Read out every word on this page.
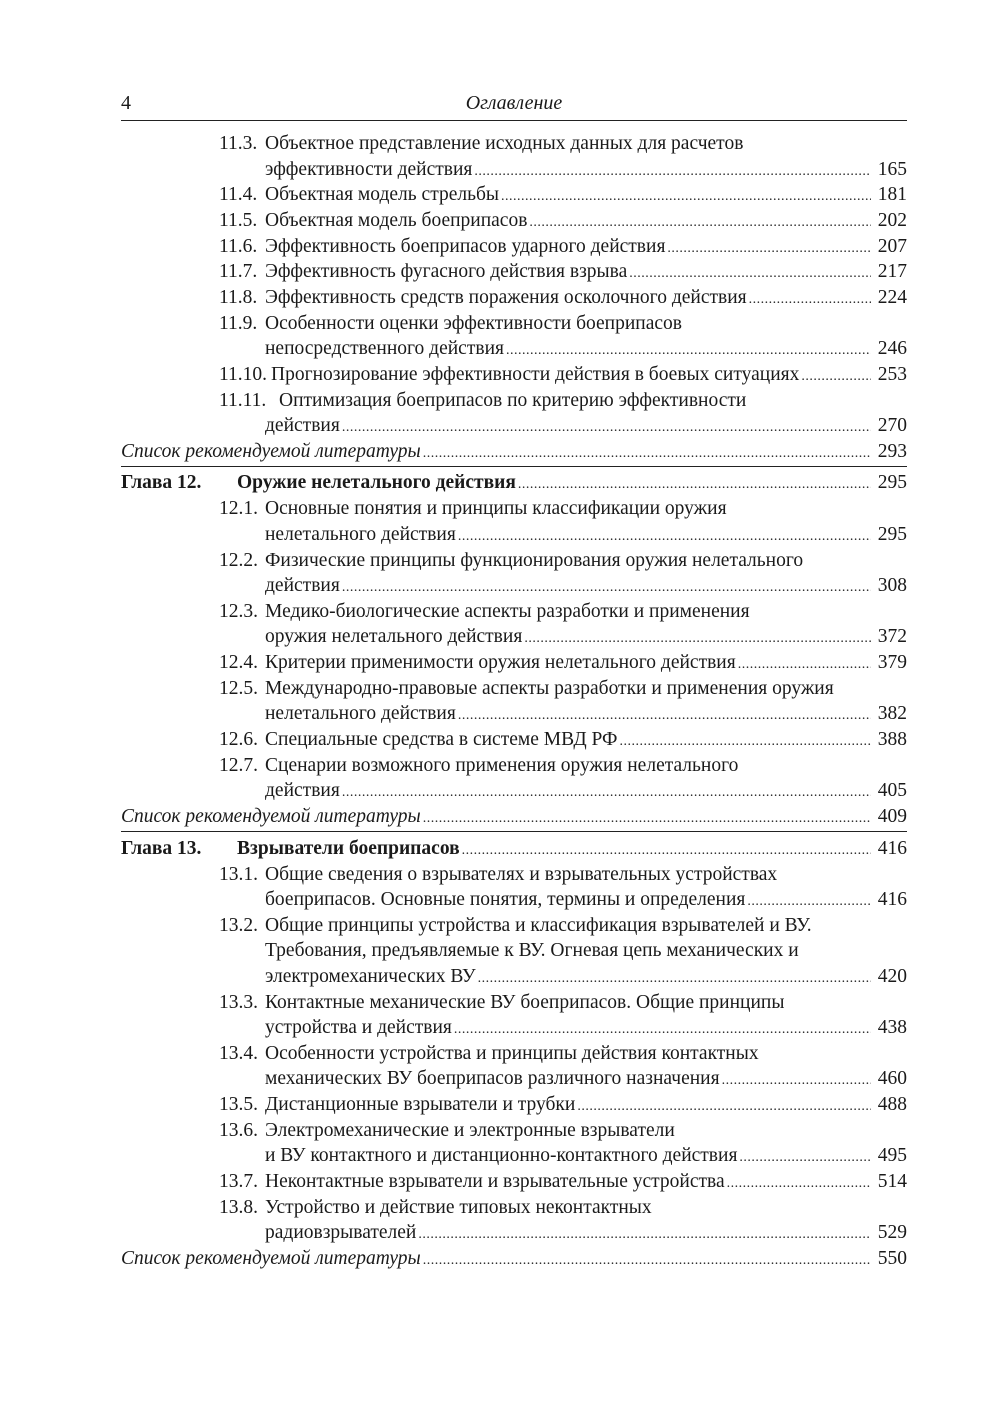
4	Оглавление
11.3. Объектное представление исходных данных для расчетов
эффективности действия .....	165
11.4. Объектная модель стрельбы .....	181
11.5. Объектная модель боеприпасов .....	202
11.6. Эффективность боеприпасов ударного действия .....	207
11.7. Эффективность фугасного действия взрыва .....	217
11.8. Эффективность средств поражения осколочного действия .....	224
11.9. Особенности оценки эффективности боеприпасов
непосредственного действия .....	246
11.10. Прогнозирование эффективности действия в боевых ситуациях .....	253
11.11. Оптимизация боеприпасов по критерию эффективности
действия .....	270
Список рекомендуемой литературы .....	293
Глава 12.	Оружие нелетального действия .....	295
12.1. Основные понятия и принципы классификации оружия
нелетального действия .....	295
12.2. Физические принципы функционирования оружия нелетального
действия .....	308
12.3. Медико-биологические аспекты разработки и применения
оружия нелетального действия .....	372
12.4. Критерии применимости оружия нелетального действия .....	379
12.5. Международно-правовые аспекты разработки и применения оружия
нелетального действия .....	382
12.6. Специальные средства в системе МВД РФ .....	388
12.7. Сценарии возможного применения оружия нелетального
действия .....	405
Список рекомендуемой литературы .....	409
Глава 13.	Взрыватели боеприпасов .....	416
13.1. Общие сведения о взрывателях и взрывательных устройствах
боеприпасов. Основные понятия, термины и определения .....	416
13.2. Общие принципы устройства и классификация взрывателей и ВУ.
Требования, предъявляемые к ВУ. Огневая цепь механических и
электромеханических ВУ .....	420
13.3. Контактные механические ВУ боеприпасов. Общие принципы
устройства и действия .....	438
13.4. Особенности устройства и принципы действия контактных
механических ВУ боеприпасов различного назначения .....	460
13.5. Дистанционные взрыватели и трубки .....	488
13.6. Электромеханические и электронные взрыватели
и ВУ контактного и дистанционно-контактного действия .....	495
13.7. Неконтактные взрыватели и взрывательные устройства .....	514
13.8. Устройство и действие типовых неконтактных
радиовзрывателей .....	529
Список рекомендуемой литературы .....	550
